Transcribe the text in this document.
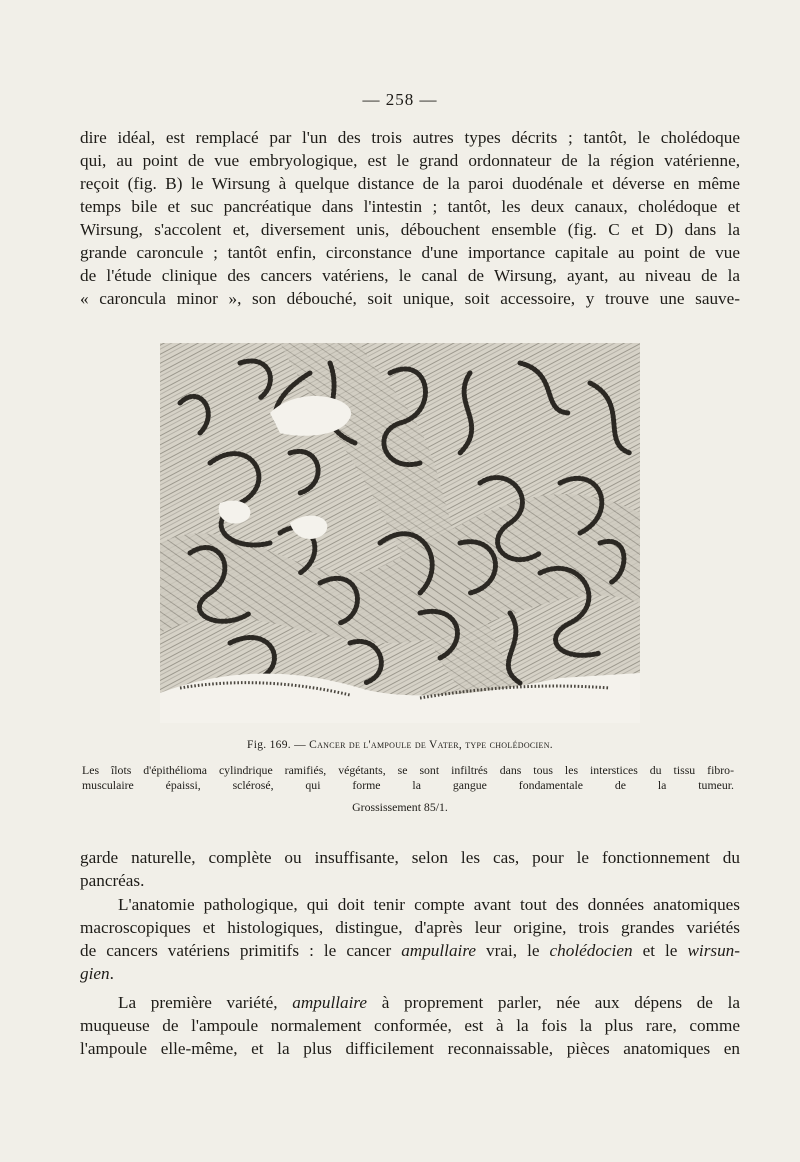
— 258 —
dire idéal, est remplacé par l'un des trois autres types décrits ; tantôt, le cholédoque
qui, au point de vue embryologique, est le grand ordonnateur de la région vatérienne,
reçoit (fig. B) le Wirsung à quelque distance de la paroi duodénale et déverse en même
temps bile et suc pancréatique dans l'intestin ; tantôt, les deux canaux, cholédoque et
Wirsung, s'accolent et, diversement unis, débouchent ensemble (fig. C et D) dans la
grande caroncule ; tantôt enfin, circonstance d'une importance capitale au point de vue
de l'étude clinique des cancers vatériens, le canal de Wirsung, ayant, au niveau de la
« caroncula minor », son débouché, soit unique, soit accessoire, y trouve une sauve-
Fig. 169. — Cancer de l'ampoule de Vater, type cholédocien.
Les îlots d'épithélioma cylindrique ramifiés, végétants, se sont infiltrés dans tous les interstices du tissu fibro-
musculaire épaissi, sclérosé, qui forme la gangue fondamentale de la tumeur.
Grossissement 85/1.
garde naturelle, complète ou insuffisante, selon les cas, pour le fonctionnement du
pancréas.
L'anatomie pathologique, qui doit tenir compte avant tout des données anatomiques
macroscopiques et histologiques, distingue, d'après leur origine, trois grandes variétés
de cancers vatériens primitifs : le cancer ampullaire vrai, le cholédocien et le wirsun-
gien.
La première variété, ampullaire à proprement parler, née aux dépens de la
muqueuse de l'ampoule normalement conformée, est à la fois la plus rare, comme
l'ampoule elle-même, et la plus difficilement reconnaissable, pièces anatomiques en
